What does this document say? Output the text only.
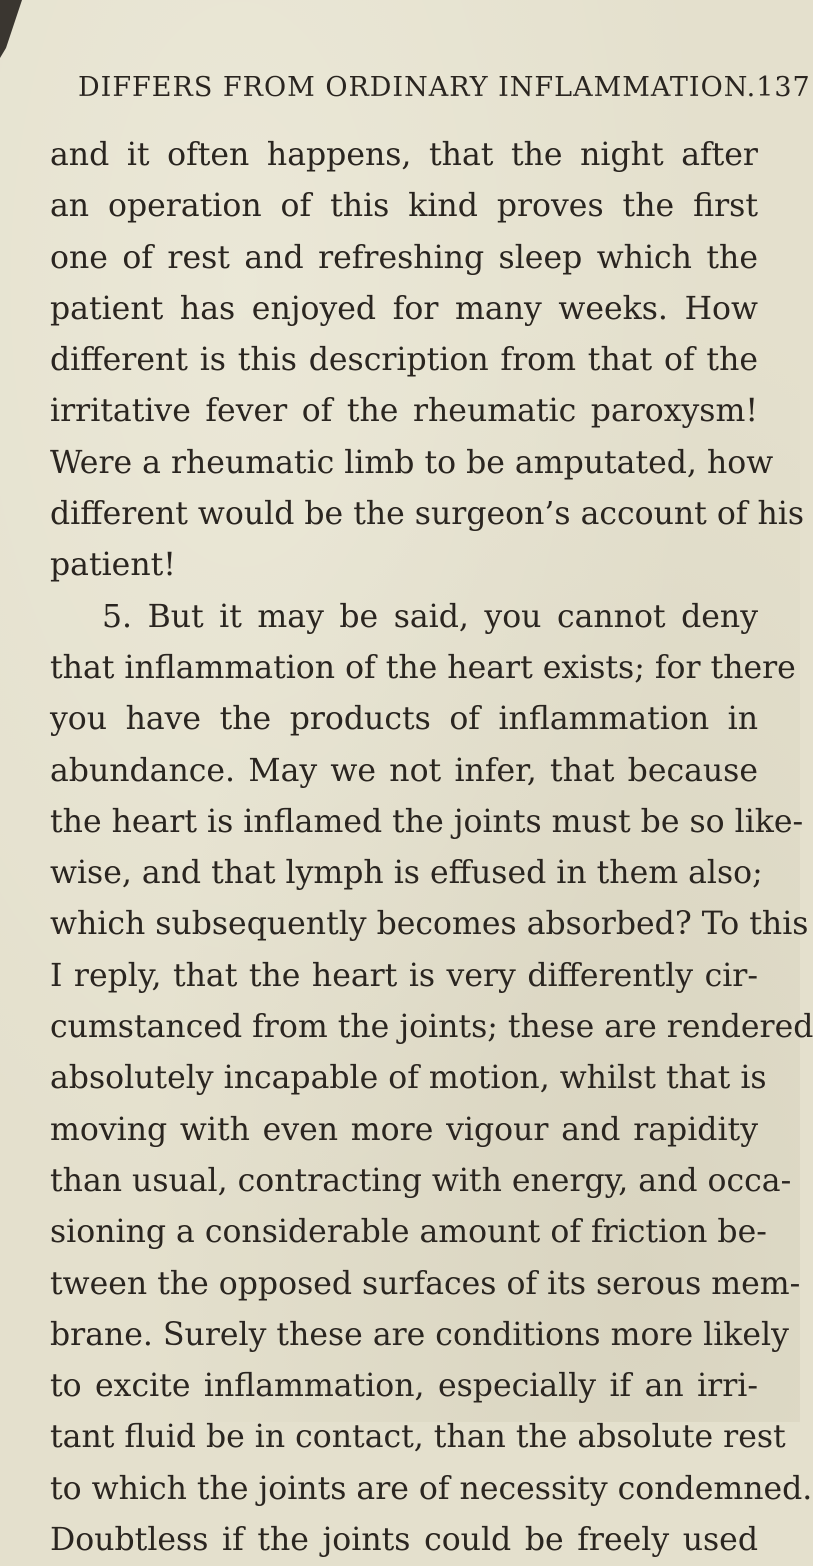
DIFFERS FROM ORDINARY INFLAMMATION. 137
and it often happens, that the night after
an operation of this kind proves the first
one of rest and refreshing sleep which the
patient has enjoyed for many weeks. How
different is this description from that of the
irritative fever of the rheumatic paroxysm!
Were a rheumatic limb to be amputated, how
different would be the surgeon’s account of his
patient!
5. But it may be said, you cannot deny
that inflammation of the heart exists; for there
you have the products of inflammation in
abundance. May we not infer, that because
the heart is inflamed the joints must be so like-
wise, and that lymph is effused in them also;
which subsequently becomes absorbed? To this
I reply, that the heart is very differently cir-
cumstanced from the joints; these are rendered
absolutely incapable of motion, whilst that is
moving with even more vigour and rapidity
than usual, contracting with energy, and occa-
sioning a considerable amount of friction be-
tween the opposed surfaces of its serous mem-
brane. Surely these are conditions more likely
to excite inflammation, especially if an irri-
tant fluid be in contact, than the absolute rest
to which the joints are of necessity condemned.
Doubtless if the joints could be freely used
